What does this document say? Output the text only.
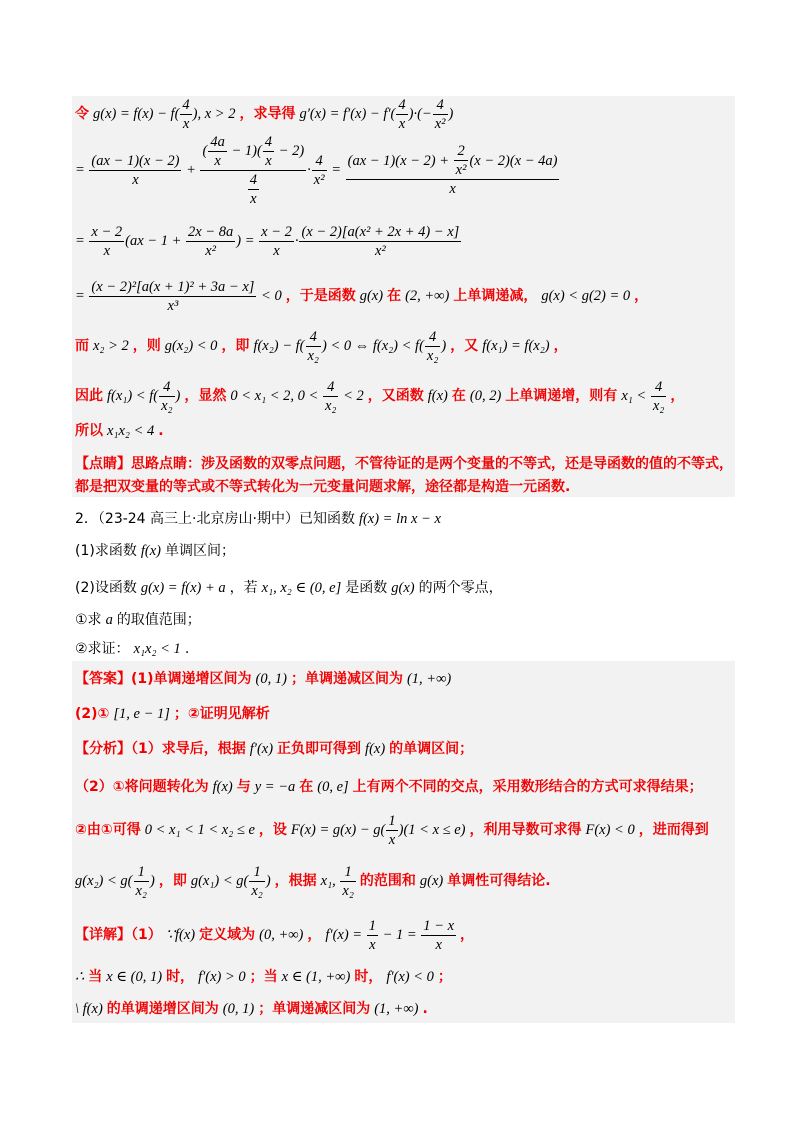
令 $g(x) = f(x) - f( \frac{4}{x}$ ), x > 2 ，求导得 $g'(x) = f'(x) - f'( \frac{4}{x}$ )·(− $\frac{4}{\text{x²}}$ )
= $\frac{(ax - 1)(x - 2)}{x} + \frac{( \frac{4a}{x} - 1)( \frac{4}{x} - 2)}{\frac{4}{x}} \cdot \frac{4}{\text{x²}} = \frac{(ax - 1)(x - 2) + \frac{2}{\text{x²}} (x - 2)(x - 4a)}{x}$
= $\frac{x - 2}{x} (ax - 1 + \frac{2x - 8a}{\text{x²}}$ ) = $\frac{x - 2}{x} \cdot \frac{\text{(x − 2)[a(x² + 2x + 4) − x]}}{\text{x²}}$
= $\frac{\text{(x − 2)²[a(x + 1)² + 3a − x]}}{\text{x³}} < 0$ ，于是函数 g(x) 在 (2, +∞) 上单调递减， g(x) < g(2) = 0 ，
而 x₂ > 2 ，则 g(x₂) < 0 ，即 $f(x_2) - f( \frac{4}{\text{x₂}}$ ) < 0 ⇔ $f(x_2) < f( \frac{4}{\text{x₂}}$ ) ，又 f(x₁) = f(x₂) ，
因此 $f(x_1) < f( \frac{4}{\text{x₂}}$ ) ，显然 0 < x₁ < 2, $0 < \frac{4}{\text{x₂}} < 2$ ，又函数 f(x) 在 (0, 2) 上单调递增，则有 $x_1 < \frac{4}{\text{x₂}}$ ，
所以 x₁x₂ < 4 .
【点睛】思路点睛：涉及函数的双零点问题，不管待证的是两个变量的不等式，还是导函数的值的不等式，
都是把双变量的等式或不等式转化为一元变量问题求解，途径都是构造一元函数.
2．（23-24 高三上·北京房山·期中）已知函数 f(x) = ln x − x
(1)求函数 f(x) 单调区间；
(2)设函数 g(x) = f(x) + a ，若 x₁, x₂ ∈ (0, e] 是函数 g(x) 的两个零点，
①求 a 的取值范围；
②求证： x₁x₂ < 1 .
【答案】(1)单调递增区间为 (0, 1) ；单调递减区间为 (1, +∞)
(2)① [1, e − 1] ；②证明见解析
【分析】（1）求导后，根据 f′(x) 正负即可得到 f(x) 的单调区间；
（2）①将问题转化为 f(x) 与 y = −a 在 (0, e] 上有两个不同的交点，采用数形结合的方式可求得结果；
②由①可得 0 < x₁ < 1 < x₂ ≤ e ，设 $F(x) = g(x) - g( \frac{1}{x} )(1 < x \le e)$ ，利用导数可求得 F(x) < 0 ，进而得到
$g(x_2) < g( \frac{1}{\text{x₂}}$ ) ，即 $g(x_1) < g( \frac{1}{\text{x₂}}$ ) ，根据 x₁, $\frac{1}{\text{x₂}}$ 的范围和 g(x) 单调性可得结论.
【详解】（1） ∵f(x) 定义域为 (0, +∞) ， $f'(x) = \frac{1}{x} - 1 = \frac{1 - x}{x}$ ，
∴ 当 x ∈ (0, 1) 时， f′(x) > 0 ；当 x ∈ (1, +∞) 时， f′(x) < 0 ；
\ f(x) 的单调递增区间为 (0, 1) ；单调递减区间为 (1, +∞) .
